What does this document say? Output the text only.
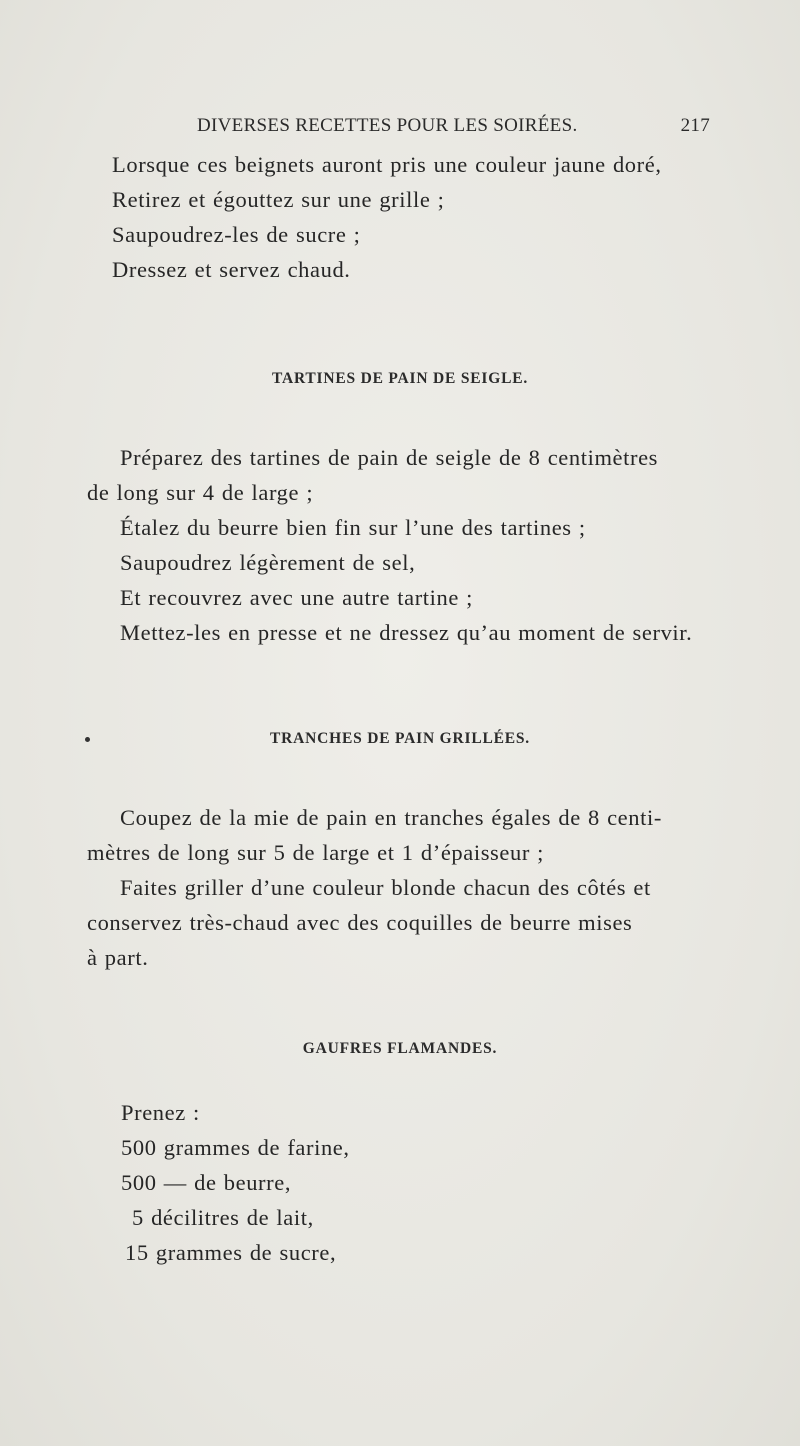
DIVERSES RECETTES POUR LES SOIRÉES.	217
Lorsque ces beignets auront pris une couleur jaune doré,
Retirez et égouttez sur une grille ;
Saupoudrez-les de sucre ;
Dressez et servez chaud.
TARTINES DE PAIN DE SEIGLE.
Préparez des tartines de pain de seigle de 8 centimètres
de long sur 4 de large ;
Étalez du beurre bien fin sur l’une des tartines ;
Saupoudrez légèrement de sel,
Et recouvrez avec une autre tartine ;
Mettez-les en presse et ne dressez qu’au moment de servir.
TRANCHES DE PAIN GRILLÉES.
Coupez de la mie de pain en tranches égales de 8 centi-
mètres de long sur 5 de large et 1 d’épaisseur ;
Faites griller d’une couleur blonde chacun des côtés et
conservez très-chaud avec des coquilles de beurre mises
à part.
GAUFRES FLAMANDES.
Prenez :
500 grammes de farine,
500 — de beurre,
5 décilitres de lait,
15 grammes de sucre,
